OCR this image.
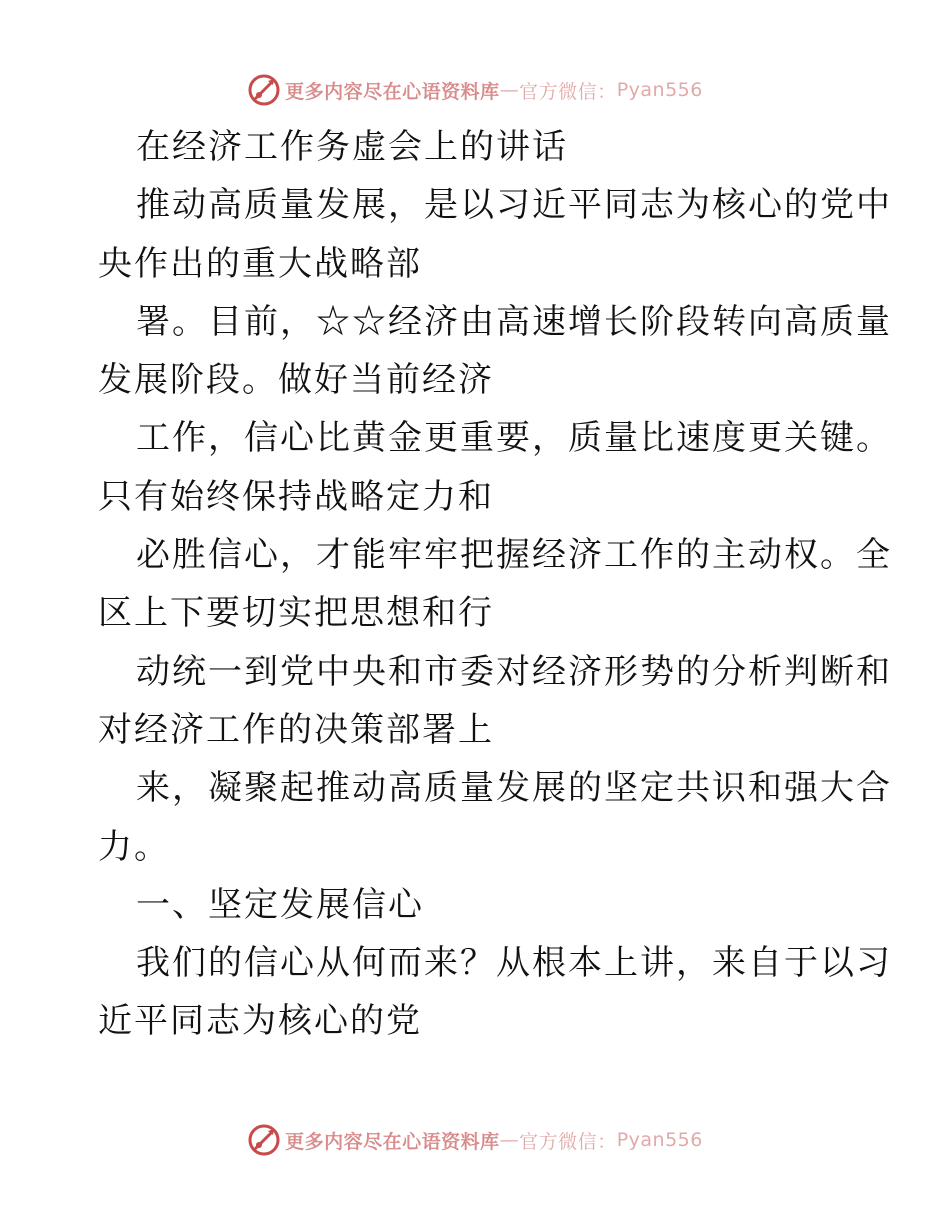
更多内容尽在心语资料库 — 官方微信： Pyan556

在经济工作务虚会上的讲话
推动高质量发展，是以习近平同志为核心的党中
央作出的重大战略部
署。目前，☆☆经济由高速增长阶段转向高质量
发展阶段。做好当前经济
工作，信心比黄金更重要，质量比速度更关键。
只有始终保持战略定力和
必胜信心，才能牢牢把握经济工作的主动权。全
区上下要切实把思想和行
动统一到党中央和市委对经济形势的分析判断和
对经济工作的决策部署上
来，凝聚起推动高质量发展的坚定共识和强大合
力。
一、坚定发展信心
我们的信心从何而来？从根本上讲，来自于以习
近平同志为核心的党

更多内容尽在心语资料库 — 官方微信： Pyan556
